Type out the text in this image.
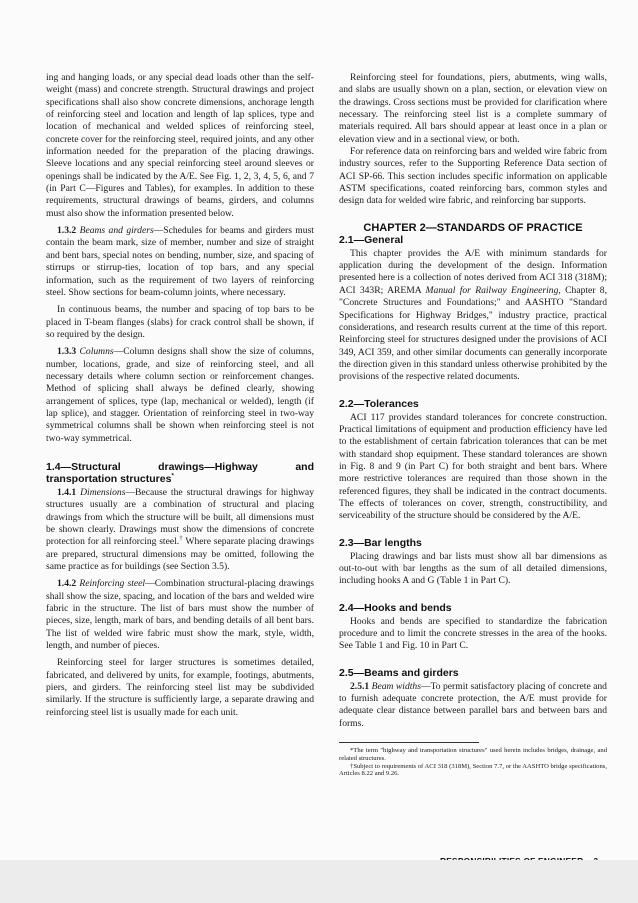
ing and hanging loads, or any special dead loads other than the self-weight (mass) and concrete strength. Structural drawings and project specifications shall also show concrete dimensions, anchorage length of reinforcing steel and location and length of lap splices, type and location of mechanical and welded splices of reinforcing steel, concrete cover for the reinforcing steel, required joints, and any other information needed for the preparation of the placing drawings. Sleeve locations and any special reinforcing steel around sleeves or openings shall be indicated by the A/E. See Fig. 1, 2, 3, 4, 5, 6, and 7 (in Part C—Figures and Tables), for examples. In addition to these requirements, structural drawings of beams, girders, and columns must also show the information presented below.

1.3.2 Beams and girders—Schedules for beams and girders must contain the beam mark, size of member, number and size of straight and bent bars, special notes on bending, number, size, and spacing of stirrups or stirrup-ties, location of top bars, and any special information, such as the requirement of two layers of reinforcing steel. Show sections for beam-column joints, where necessary.

In continuous beams, the number and spacing of top bars to be placed in T-beam flanges (slabs) for crack control shall be shown, if so required by the design.

1.3.3 Columns—Column designs shall show the size of columns, number, locations, grade, and size of reinforcing steel, and all necessary details where column section or reinforcement changes. Method of splicing shall always be defined clearly, showing arrangement of splices, type (lap, mechanical or welded), length (if lap splice), and stagger. Orientation of reinforcing steel in two-way symmetrical columns shall be shown when reinforcing steel is not two-way symmetrical.

1.4—Structural drawings—Highway and transportation structures*

1.4.1 Dimensions—Because the structural drawings for highway structures usually are a combination of structural and placing drawings from which the structure will be built, all dimensions must be shown clearly. Drawings must show the dimensions of concrete protection for all reinforcing steel.† Where separate placing drawings are prepared, structural dimensions may be omitted, following the same practice as for buildings (see Section 3.5).

1.4.2 Reinforcing steel—Combination structural-placing drawings shall show the size, spacing, and location of the bars and welded wire fabric in the structure. The list of bars must show the number of pieces, size, length, mark of bars, and bending details of all bent bars. The list of welded wire fabric must show the mark, style, width, length, and number of pieces.

Reinforcing steel for larger structures is sometimes detailed, fabricated, and delivered by units, for example, footings, abutments, piers, and girders. The reinforcing steel list may be subdivided similarly. If the structure is sufficiently large, a separate drawing and reinforcing steel list is usually made for each unit.

Reinforcing steel for foundations, piers, abutments, wing walls, and slabs are usually shown on a plan, section, or elevation view on the drawings. Cross sections must be provided for clarification where necessary. The reinforcing steel list is a complete summary of materials required. All bars should appear at least once in a plan or elevation view and in a sectional view, or both.

For reference data on reinforcing bars and welded wire fabric from industry sources, refer to the Supporting Reference Data section of ACI SP-66. This section includes specific information on applicable ASTM specifications, coated reinforcing bars, common styles and design data for welded wire fabric, and reinforcing bar supports.

CHAPTER 2—STANDARDS OF PRACTICE
2.1—General

This chapter provides the A/E with minimum standards for application during the development of the design. Information presented here is a collection of notes derived from ACI 318 (318M); ACI 343R; AREMA Manual for Railway Engineering, Chapter 8, "Concrete Structures and Foundations;" and AASHTO "Standard Specifications for Highway Bridges," industry practice, practical considerations, and research results current at the time of this report. Reinforcing steel for structures designed under the provisions of ACI 349, ACI 359, and other similar documents can generally incorporate the direction given in this standard unless otherwise prohibited by the provisions of the respective related documents.

2.2—Tolerances

ACI 117 provides standard tolerances for concrete construction. Practical limitations of equipment and production efficiency have led to the establishment of certain fabrication tolerances that can be met with standard shop equipment. These standard tolerances are shown in Fig. 8 and 9 (in Part C) for both straight and bent bars. Where more restrictive tolerances are required than those shown in the referenced figures, they shall be indicated in the contract documents. The effects of tolerances on cover, strength, constructibility, and serviceability of the structure should be considered by the A/E.

2.3—Bar lengths

Placing drawings and bar lists must show all bar dimensions as out-to-out with bar lengths as the sum of all detailed dimensions, including hooks A and G (Table 1 in Part C).

2.4—Hooks and bends

Hooks and bends are specified to standardize the fabrication procedure and to limit the concrete stresses in the area of the hooks. See Table 1 and Fig. 10 in Part C.

2.5—Beams and girders

2.5.1 Beam widths—To permit satisfactory placing of concrete and to furnish adequate concrete protection, the A/E must provide for adequate clear distance between parallel bars and between bars and forms.

*The term "highway and transportation structures" used herein includes bridges, drainage, and related structures.

†Subject to requirements of ACI 318 (318M), Section 7.7, or the AASHTO bridge specifications, Articles 8.22 and 9.26.
